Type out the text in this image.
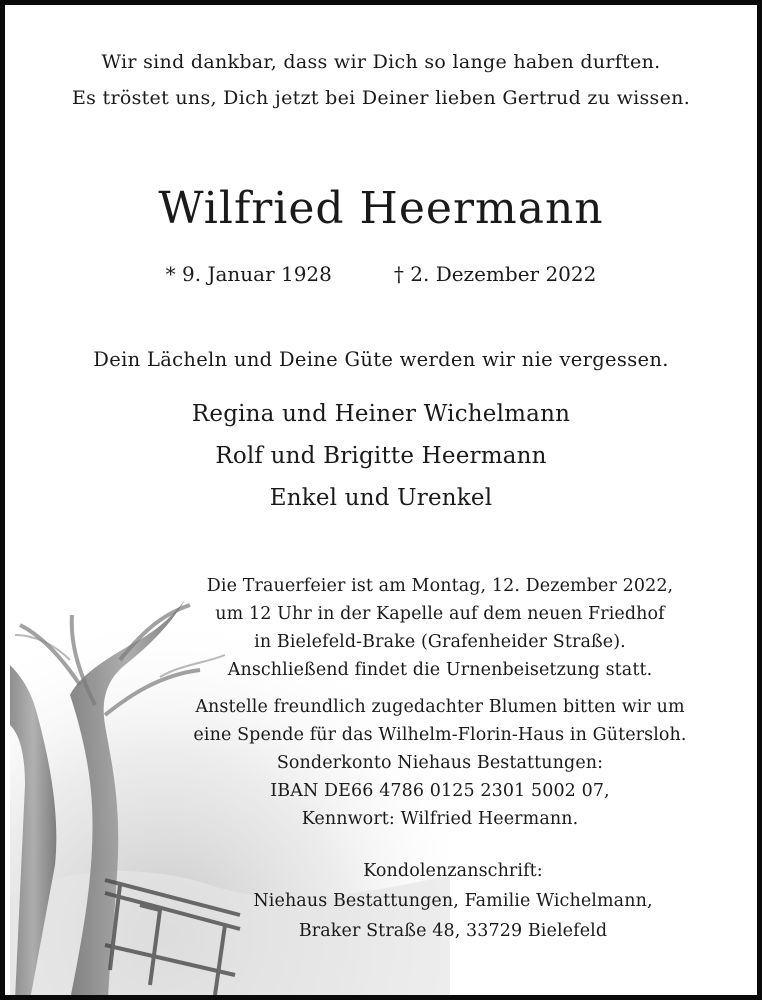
Wir sind dankbar, dass wir Dich so lange haben durften.
Es tröstet uns, Dich jetzt bei Deiner lieben Gertrud zu wissen.
Wilfried Heermann
* 9. Januar 1928	† 2. Dezember 2022
Dein Lächeln und Deine Güte werden wir nie vergessen.
Regina und Heiner Wichelmann
Rolf und Brigitte Heermann
Enkel und Urenkel
Die Trauerfeier ist am Montag, 12. Dezember 2022,
um 12 Uhr in der Kapelle auf dem neuen Friedhof
in Bielefeld-Brake (Grafenheider Straße).
Anschließend findet die Urnenbeisetzung statt.
Anstelle freundlich zugedachter Blumen bitten wir um
eine Spende für das Wilhelm-Florin-Haus in Gütersloh.
Sonderkonto Niehaus Bestattungen:
IBAN DE66 4786 0125 2301 5002 07,
Kennwort: Wilfried Heermann.
Kondolenzanschrift:
Niehaus Bestattungen, Familie Wichelmann,
Braker Straße 48, 33729 Bielefeld
